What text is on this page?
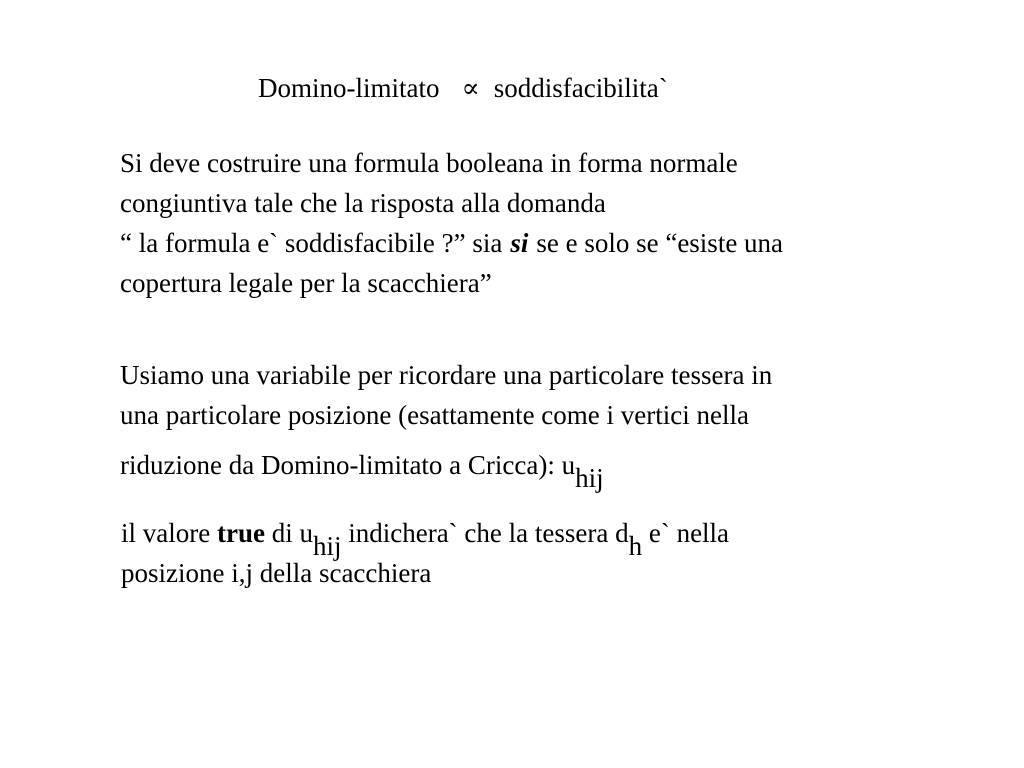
Domino-limitato ∝ soddisfacibilita`
Si deve costruire una formula booleana in forma normale
congiuntiva tale che la risposta alla domanda
“ la formula e` soddisfacibile ?” sia si se e solo se “esiste una
copertura legale per la scacchiera”
Usiamo una variabile per ricordare una particolare tessera in
una particolare posizione (esattamente come i vertici nella
riduzione da Domino-limitato a Cricca): uhij
il valore true di uhij indichera` che la tessera dh e` nella
posizione i,j della scacchiera
